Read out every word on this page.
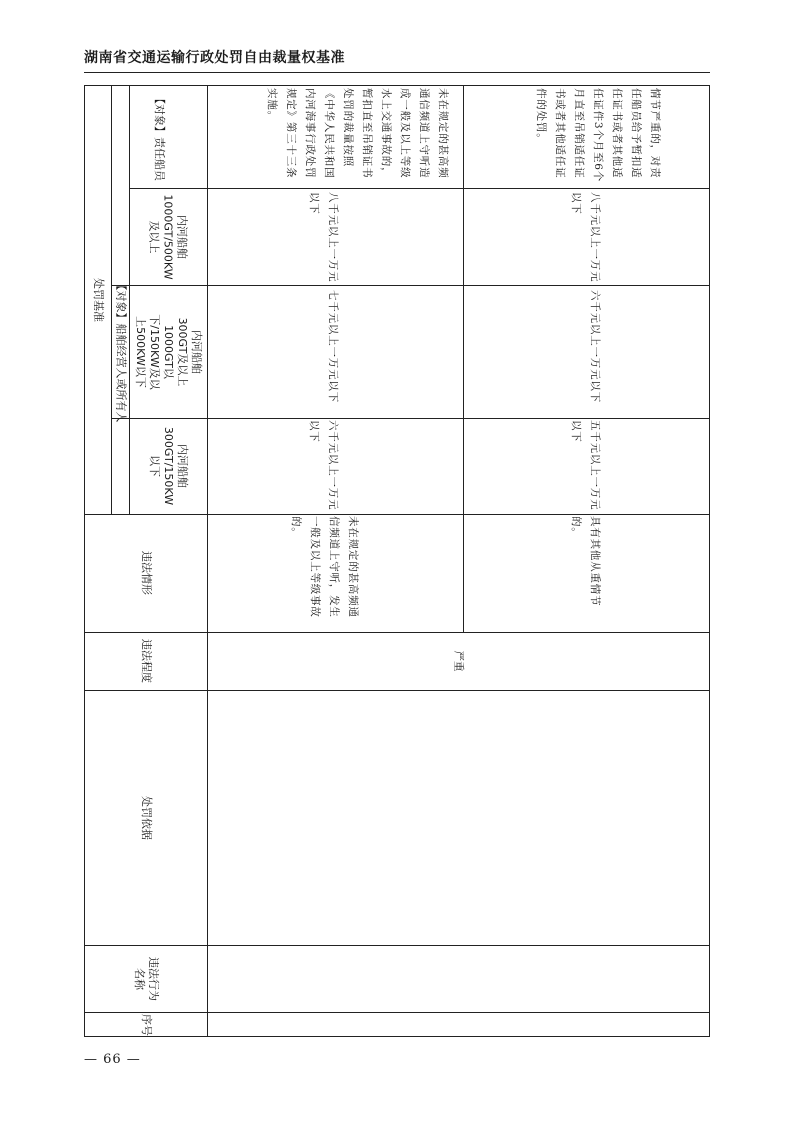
湖南省交通运输行政处罚自由裁量权基准
序号
违法行为名称
处罚依据
违法程度
违法情形
处罚基准 【对象】船舶经营人或所有人
【对象】责任船员
内河船舶300GT/150KW以下
内河船舶300GT及以上1000GT以下/150KW及以上500KW以下
内河船舶1000GT/500KW及以上
严重
未在规定的甚高频通信频道上守听，发生一般及以上等级事故的。
六千元以上一万元以下
七千元以上一万元以下
八千元以上一万元以下
未在规定的甚高频通信频道上守听造成一般及以上等级水上交通事故的，暂扣直至吊销证书处罚的裁量按照《中华人民共和国内河海事行政处罚规定》第三十三条实施。
具有其他从重情节的。
五千元以上一万元以下
六千元以上一万元以下
八千元以上一万元以下
情节严重的，对责任船员给予暂扣适任证书或者其他适任证件3个月至6个月直至吊销适任证书或者其他适任证件的处罚。
— 66 —
